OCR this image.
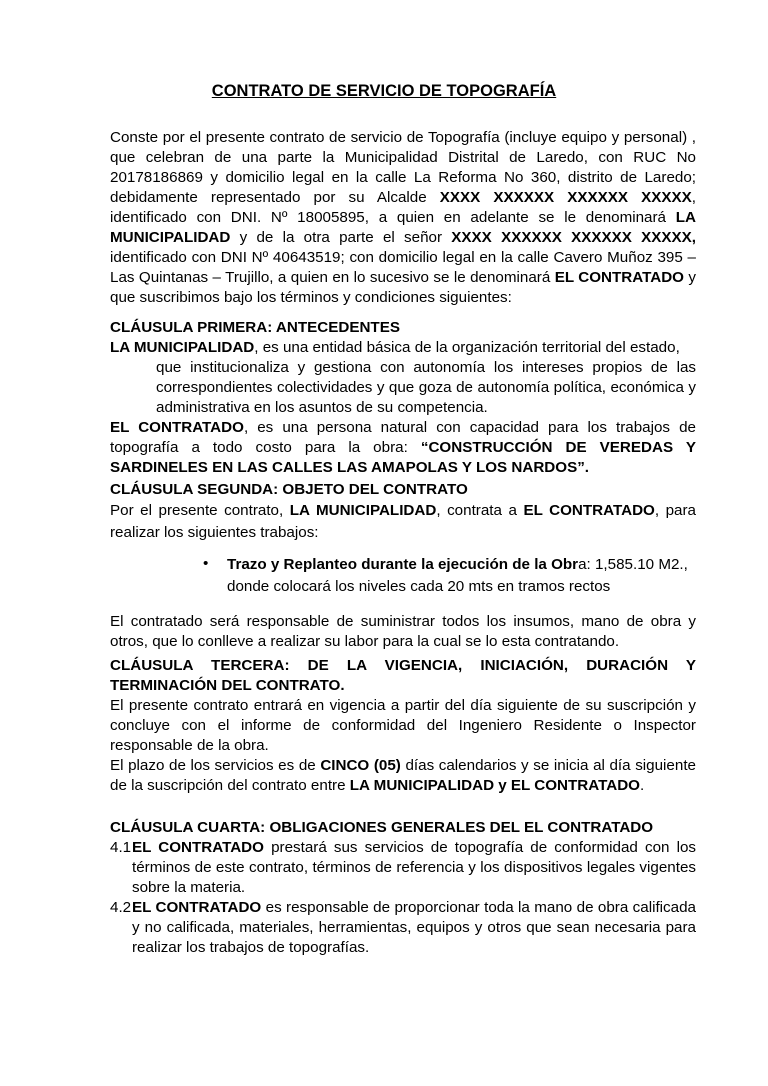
CONTRATO DE SERVICIO DE TOPOGRAFÍA

Conste por el presente contrato de servicio de Topografía (incluye equipo y personal) , que celebran de una parte la Municipalidad Distrital de Laredo, con RUC No 20178186869 y domicilio legal en la calle La Reforma No 360, distrito de Laredo; debidamente representado por su Alcalde XXXX XXXXXX XXXXXX XXXXX, identificado con DNI. Nº 18005895, a quien en adelante se le denominará LA MUNICIPALIDAD y de la otra parte el señor XXXX XXXXXX XXXXXX XXXXX, identificado con DNI Nº 40643519; con domicilio legal en la calle Cavero Muñoz 395 – Las Quintanas – Trujillo, a quien en lo sucesivo se le denominará EL CONTRATADO y que suscribimos bajo los términos y condiciones siguientes:

CLÁUSULA PRIMERA: ANTECEDENTES

LA MUNICIPALIDAD, es una entidad básica de la organización territorial del estado,

que institucionaliza y gestiona con autonomía los intereses propios de las correspondientes colectividades y que goza de autonomía política, económica y administrativa en los asuntos de su competencia.

EL CONTRATADO, es una persona natural con capacidad para los trabajos de topografía a todo costo para la obra: “CONSTRUCCIÓN DE VEREDAS Y SARDINELES EN LAS CALLES LAS AMAPOLAS Y LOS NARDOS”.

CLÁUSULA SEGUNDA: OBJETO DEL CONTRATO

Por el presente contrato, LA MUNICIPALIDAD, contrata a EL CONTRATADO, para realizar los siguientes trabajos:

•	Trazo y Replanteo durante la ejecución de la Obra: 1,585.10 M2., donde colocará los niveles cada 20 mts en tramos rectos

El contratado será responsable de suministrar todos los insumos, mano de obra y otros, que lo conlleve a realizar su labor para la cual se lo esta contratando.

CLÁUSULA TERCERA: DE LA VIGENCIA, INICIACIÓN, DURACIÓN Y TERMINACIÓN DEL CONTRATO.

El presente contrato entrará en vigencia a partir del día siguiente de su suscripción y concluye con el informe de conformidad del Ingeniero Residente o Inspector responsable de la obra.

El plazo de los servicios es de CINCO (05) días calendarios y se inicia al día siguiente de la suscripción del contrato entre LA MUNICIPALIDAD y EL CONTRATADO.

CLÁUSULA CUARTA: OBLIGACIONES GENERALES DEL EL CONTRATADO

4.1 EL CONTRATADO prestará sus servicios de topografía de conformidad con los términos de este contrato, términos de referencia y los dispositivos legales vigentes sobre la materia.
4.2 EL CONTRATADO es responsable de proporcionar toda la mano de obra calificada y no calificada, materiales, herramientas, equipos y otros que sean necesaria para realizar los trabajos de topografías.
